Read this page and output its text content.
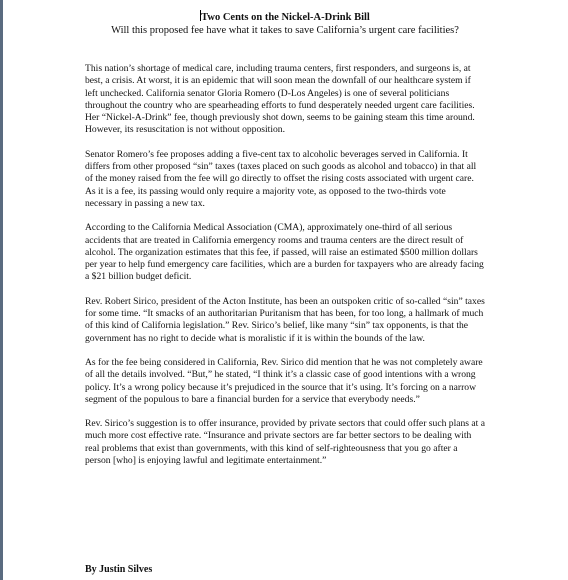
Two Cents on the Nickel-A-Drink Bill

Will this proposed fee have what it takes to save California’s urgent care facilities?

This nation’s shortage of medical care, including trauma centers, first responders, and surgeons is, at best, a crisis. At worst, it is an epidemic that will soon mean the downfall of our healthcare system if left unchecked. California senator Gloria Romero (D-Los Angeles) is one of several politicians throughout the country who are spearheading efforts to fund desperately needed urgent care facilities. Her “Nickel-A-Drink” fee, though previously shot down, seems to be gaining steam this time around. However, its resuscitation is not without opposition.

Senator Romero’s fee proposes adding a five-cent tax to alcoholic beverages served in California. It differs from other proposed “sin” taxes (taxes placed on such goods as alcohol and tobacco) in that all of the money raised from the fee will go directly to offset the rising costs associated with urgent care. As it is a fee, its passing would only require a majority vote, as opposed to the two-thirds vote necessary in passing a new tax.

According to the California Medical Association (CMA), approximately one-third of all serious accidents that are treated in California emergency rooms and trauma centers are the direct result of alcohol. The organization estimates that this fee, if passed, will raise an estimated $500 million dollars per year to help fund emergency care facilities, which are a burden for taxpayers who are already facing a $21 billion budget deficit.

Rev. Robert Sirico, president of the Acton Institute, has been an outspoken critic of so-called “sin” taxes for some time. “It smacks of an authoritarian Puritanism that has been, for too long, a hallmark of much of this kind of California legislation.” Rev. Sirico’s belief, like many “sin” tax opponents, is that the government has no right to decide what is moralistic if it is within the bounds of the law.

As for the fee being considered in California, Rev. Sirico did mention that he was not completely aware of all the details involved. “But,” he stated, “I think it’s a classic case of good intentions with a wrong policy. It’s a wrong policy because it’s prejudiced in the source that it’s using. It’s forcing on a narrow segment of the populous to bare a financial burden for a service that everybody needs.”

Rev. Sirico’s suggestion is to offer insurance, provided by private sectors that could offer such plans at a much more cost effective rate. “Insurance and private sectors are far better sectors to be dealing with real problems that exist than governments, with this kind of self-righteousness that you go after a person [who] is enjoying lawful and legitimate entertainment.”

By Justin Silves
